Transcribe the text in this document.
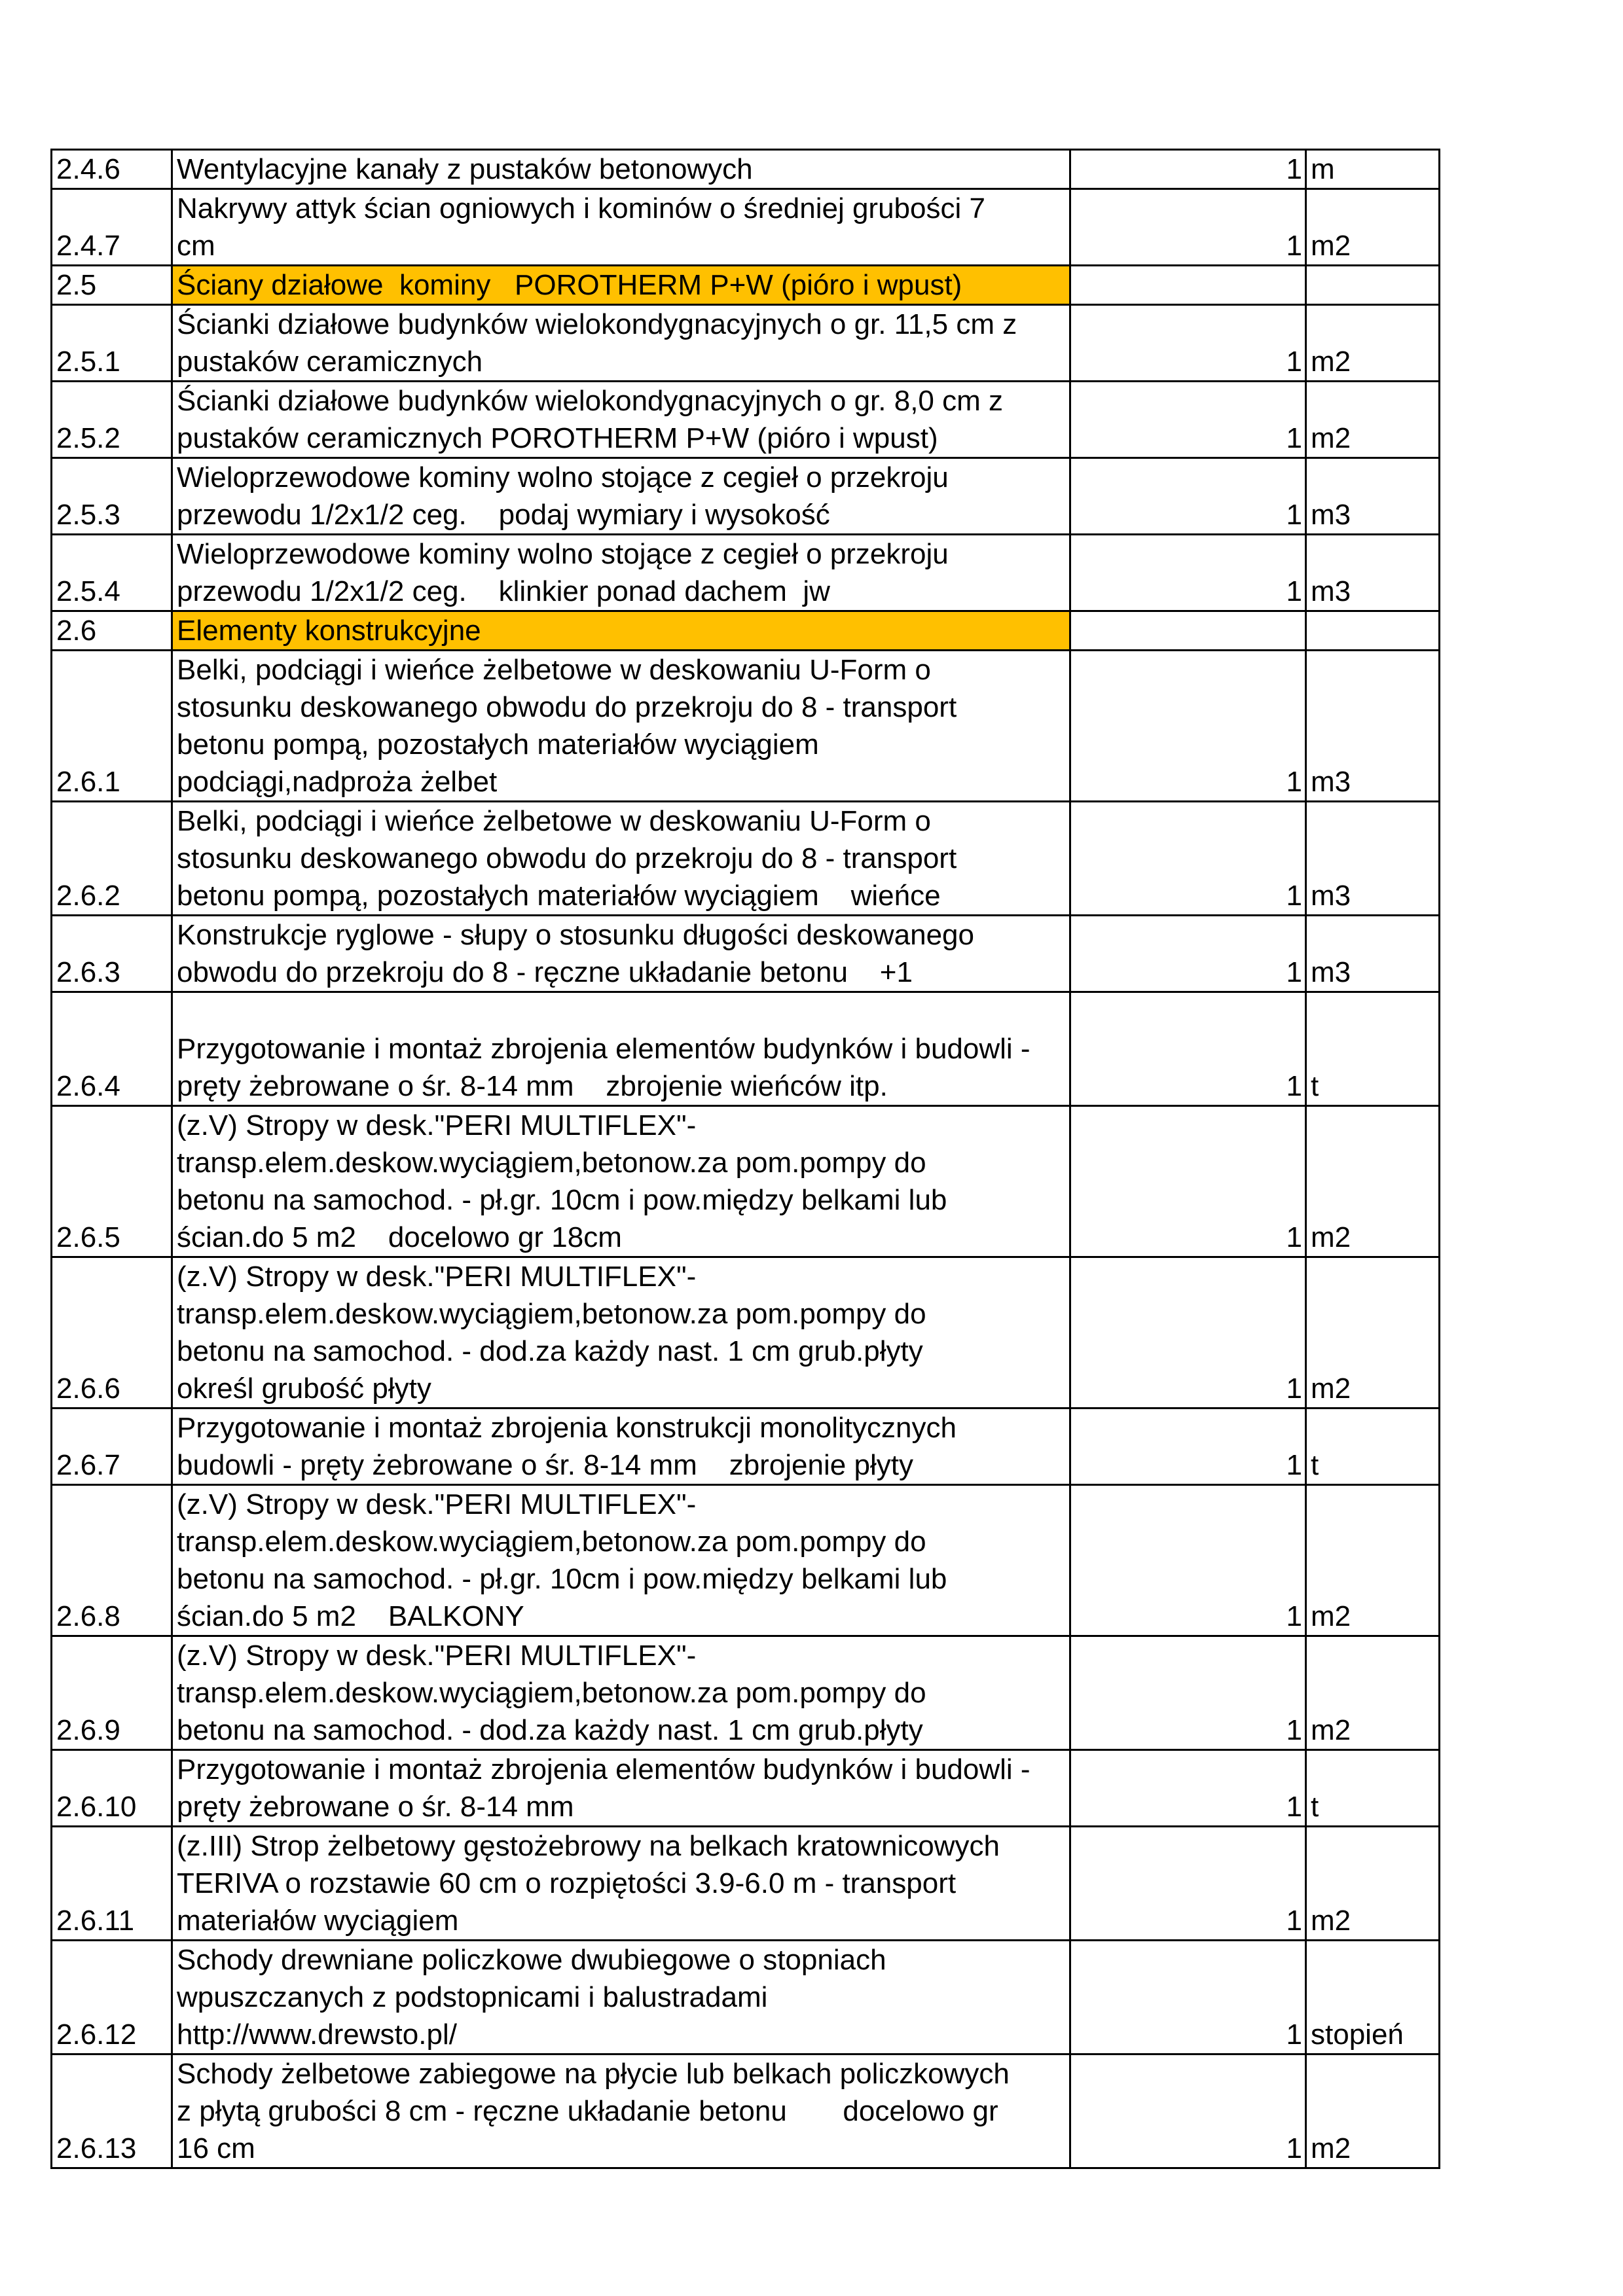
2.4.6	Wentylacyjne kanały z pustaków betonowych	1	m
2.4.7	Nakrywy attyk ścian ogniowych i kominów o średniej grubości 7
cm	1	m2
2.5	Ściany działowe  kominy   POROTHERM P+W (pióro i wpust)		
2.5.1	Ścianki działowe budynków wielokondygnacyjnych o gr. 11,5 cm z
pustaków ceramicznych	1	m2
2.5.2	Ścianki działowe budynków wielokondygnacyjnych o gr. 8,0 cm z
pustaków ceramicznych POROTHERM P+W (pióro i wpust)	1	m2
2.5.3	Wieloprzewodowe kominy wolno stojące z cegieł o przekroju
przewodu 1/2x1/2 ceg.    podaj wymiary i wysokość	1	m3
2.5.4	Wieloprzewodowe kominy wolno stojące z cegieł o przekroju
przewodu 1/2x1/2 ceg.    klinkier ponad dachem  jw	1	m3
2.6	Elementy konstrukcyjne		
2.6.1	Belki, podciągi i wieńce żelbetowe w deskowaniu U-Form o
stosunku deskowanego obwodu do przekroju do 8 - transport
betonu pompą, pozostałych materiałów wyciągiem
podciągi,nadproża żelbet	1	m3
2.6.2	Belki, podciągi i wieńce żelbetowe w deskowaniu U-Form o
stosunku deskowanego obwodu do przekroju do 8 - transport
betonu pompą, pozostałych materiałów wyciągiem    wieńce	1	m3
2.6.3	Konstrukcje ryglowe - słupy o stosunku długości deskowanego
obwodu do przekroju do 8 - ręczne układanie betonu    +1	1	m3
2.6.4	
Przygotowanie i montaż zbrojenia elementów budynków i budowli -
pręty żebrowane o śr. 8-14 mm    zbrojenie wieńców itp.	1	t
2.6.5	(z.V) Stropy w desk."PERI MULTIFLEX"-
transp.elem.deskow.wyciągiem,betonow.za pom.pompy do
betonu na samochod. - pł.gr. 10cm i pow.między belkami lub
ścian.do 5 m2    docelowo gr 18cm	1	m2
2.6.6	(z.V) Stropy w desk."PERI MULTIFLEX"-
transp.elem.deskow.wyciągiem,betonow.za pom.pompy do
betonu na samochod. - dod.za każdy nast. 1 cm grub.płyty
określ grubość płyty	1	m2
2.6.7	Przygotowanie i montaż zbrojenia konstrukcji monolitycznych
budowli - pręty żebrowane o śr. 8-14 mm    zbrojenie płyty	1	t
2.6.8	(z.V) Stropy w desk."PERI MULTIFLEX"-
transp.elem.deskow.wyciągiem,betonow.za pom.pompy do
betonu na samochod. - pł.gr. 10cm i pow.między belkami lub
ścian.do 5 m2    BALKONY	1	m2
2.6.9	(z.V) Stropy w desk."PERI MULTIFLEX"-
transp.elem.deskow.wyciągiem,betonow.za pom.pompy do
betonu na samochod. - dod.za każdy nast. 1 cm grub.płyty	1	m2
2.6.10	Przygotowanie i montaż zbrojenia elementów budynków i budowli -
pręty żebrowane o śr. 8-14 mm	1	t
2.6.11	(z.III) Strop żelbetowy gęstożebrowy na belkach kratownicowych
TERIVA o rozstawie 60 cm o rozpiętości 3.9-6.0 m - transport
materiałów wyciągiem	1	m2
2.6.12	Schody drewniane policzkowe dwubiegowe o stopniach
wpuszczanych z podstopnicami i balustradami
http://www.drewsto.pl/	1	stopień
2.6.13	Schody żelbetowe zabiegowe na płycie lub belkach policzkowych
z płytą grubości 8 cm - ręczne układanie betonu       docelowo gr
16 cm	1	m2
